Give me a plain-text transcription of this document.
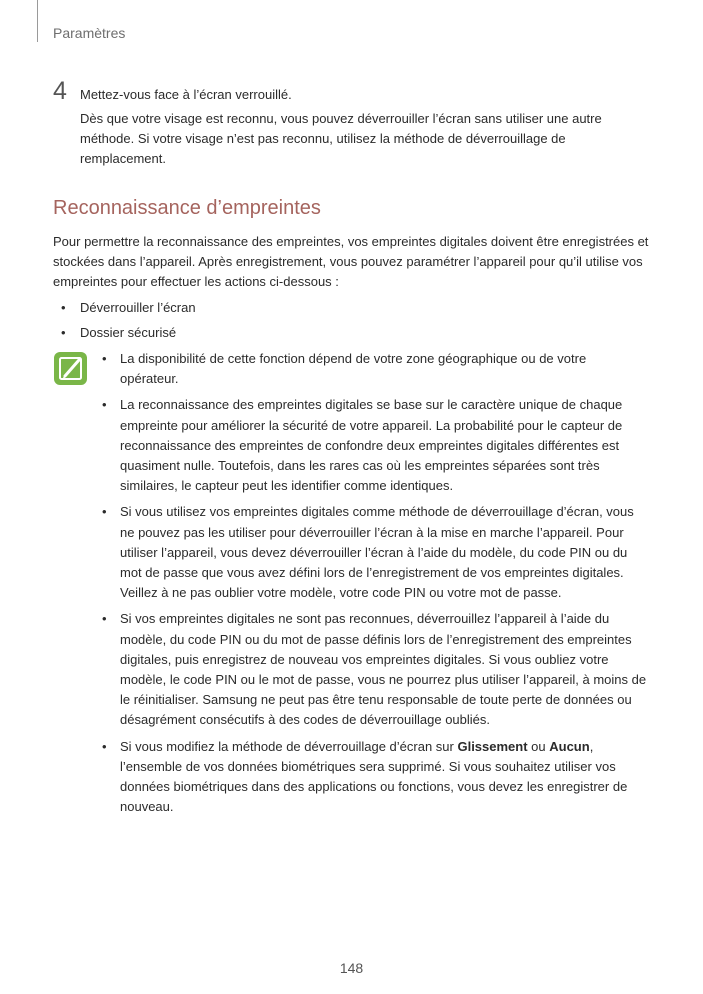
Paramètres
4 Mettez-vous face à l’écran verrouillé.
Dès que votre visage est reconnu, vous pouvez déverrouiller l’écran sans utiliser une autre méthode. Si votre visage n’est pas reconnu, utilisez la méthode de déverrouillage de remplacement.
Reconnaissance d’empreintes
Pour permettre la reconnaissance des empreintes, vos empreintes digitales doivent être enregistrées et stockées dans l’appareil. Après enregistrement, vous pouvez paramétrer l’appareil pour qu’il utilise vos empreintes pour effectuer les actions ci-dessous :
• Déverrouiller l’écran
• Dossier sécurisé
• La disponibilité de cette fonction dépend de votre zone géographique ou de votre opérateur.
• La reconnaissance des empreintes digitales se base sur le caractère unique de chaque empreinte pour améliorer la sécurité de votre appareil. La probabilité pour le capteur de reconnaissance des empreintes de confondre deux empreintes digitales différentes est quasiment nulle. Toutefois, dans les rares cas où les empreintes séparées sont très similaires, le capteur peut les identifier comme identiques.
• Si vous utilisez vos empreintes digitales comme méthode de déverrouillage d’écran, vous ne pouvez pas les utiliser pour déverrouiller l’écran à la mise en marche l’appareil. Pour utiliser l’appareil, vous devez déverrouiller l’écran à l’aide du modèle, du code PIN ou du mot de passe que vous avez défini lors de l’enregistrement de vos empreintes digitales. Veillez à ne pas oublier votre modèle, votre code PIN ou votre mot de passe.
• Si vos empreintes digitales ne sont pas reconnues, déverrouillez l’appareil à l’aide du modèle, du code PIN ou du mot de passe définis lors de l’enregistrement des empreintes digitales, puis enregistrez de nouveau vos empreintes digitales. Si vous oubliez votre modèle, le code PIN ou le mot de passe, vous ne pourrez plus utiliser l’appareil, à moins de le réinitialiser. Samsung ne peut pas être tenu responsable de toute perte de données ou désagrément consécutifs à des codes de déverrouillage oubliés.
• Si vous modifiez la méthode de déverrouillage d’écran sur Glissement ou Aucun, l’ensemble de vos données biométriques sera supprimé. Si vous souhaitez utiliser vos données biométriques dans des applications ou fonctions, vous devez les enregistrer de nouveau.
148
